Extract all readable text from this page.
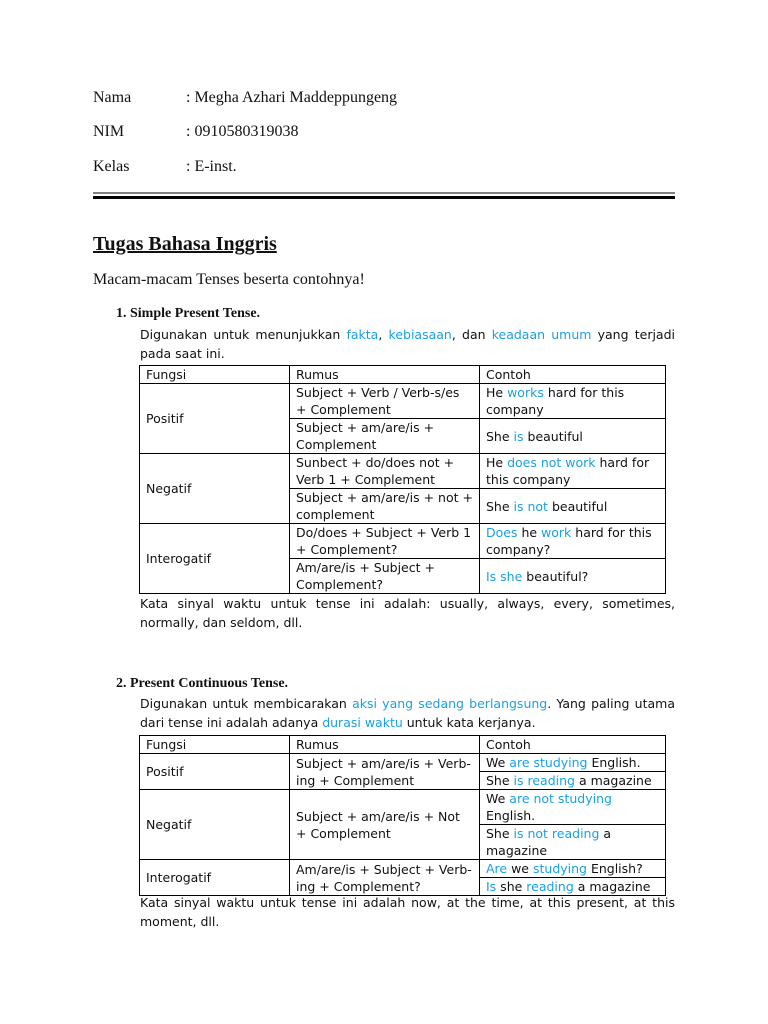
Nama	: Megha Azhari Maddeppungeng
NIM	: 0910580319038
Kelas	: E-inst.
Tugas Bahasa Inggris
Macam-macam Tenses beserta contohnya!
1. Simple Present Tense.
Digunakan untuk menunjukkan fakta, kebiasaan, dan keadaan umum yang terjadi pada saat ini.
Fungsi	Rumus	Contoh
Positif	Subject + Verb / Verb-s/es + Complement	He works hard for this company
	Subject + am/are/is + Complement	She is beautiful
Negatif	Sunbect + do/does not + Verb 1 + Complement	He does not work hard for this company
	Subject + am/are/is + not + complement	She is not beautiful
Interogatif	Do/does + Subject + Verb 1 + Complement?	Does he work hard for this company?
	Am/are/is + Subject + Complement?	Is she beautiful?
Kata sinyal waktu untuk tense ini adalah: usually, always, every, sometimes, normally, dan seldom, dll.
2. Present Continuous Tense.
Digunakan untuk membicarakan aksi yang sedang berlangsung. Yang paling utama dari tense ini adalah adanya durasi waktu untuk kata kerjanya.
Fungsi	Rumus	Contoh
Positif	Subject + am/are/is + Verb-ing + Complement	We are studying English.
		She is reading a magazine
Negatif	Subject + am/are/is + Not + Complement	We are not studying English.
		She is not reading a magazine
Interogatif	Am/are/is + Subject + Verb-ing + Complement?	Are we studying English?
		Is she reading a magazine
Kata sinyal waktu untuk tense ini adalah now, at the time, at this present, at this moment, dll.
